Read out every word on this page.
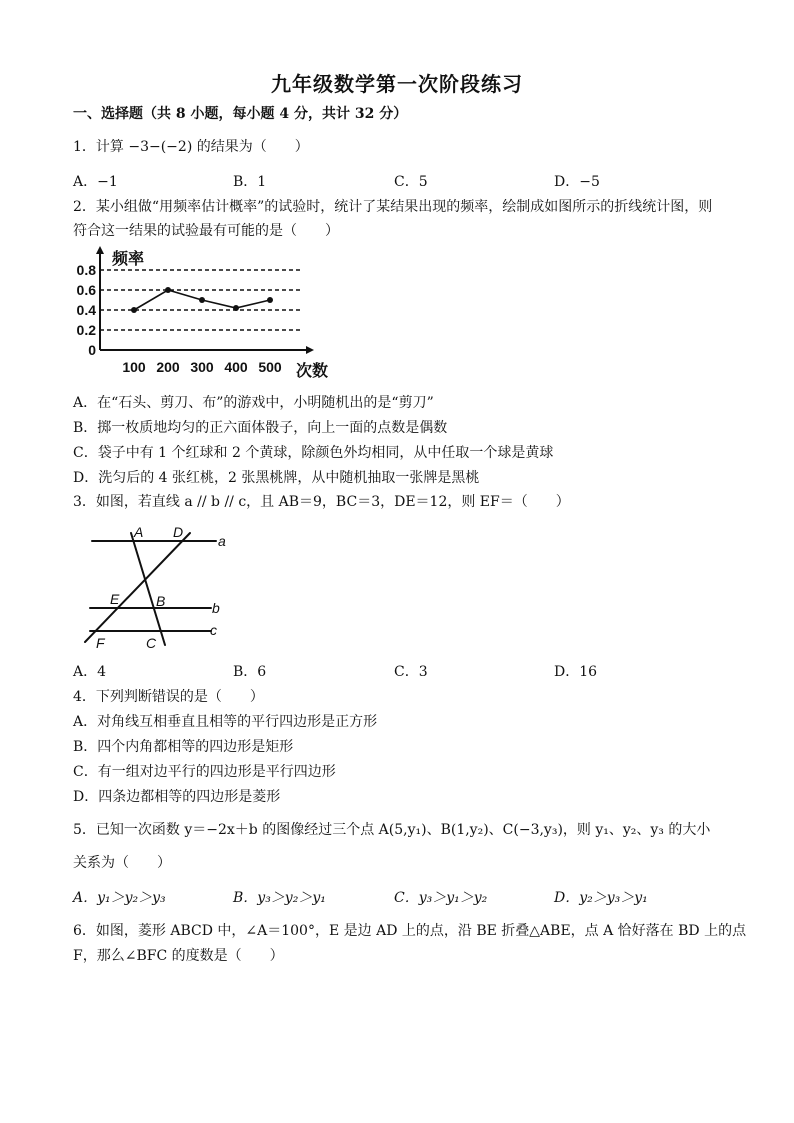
九年级数学第一次阶段练习
一、选择题（共 8 小题，每小题 4 分，共计 32 分）
1．计算 −3−(−2) 的结果为（　　）
A．−1	B．1	C．5	D．−5
2．某小组做“用频率估计概率”的试验时，统计了某结果出现的频率，绘制成如图所示的折线统计图，则
符合这一结果的试验最有可能的是（　　）
0
0.2
0.4
0.6
0.8
100 200 300 400 500
频率
次数
A．在“石头、剪刀、布”的游戏中，小明随机出的是“剪刀”
B．掷一枚质地均匀的正六面体骰子，向上一面的点数是偶数
C．袋子中有 1 个红球和 2 个黄球，除颜色外均相同，从中任取一个球是黄球
D．洗匀后的 4 张红桃，2 张黑桃牌，从中随机抽取一张牌是黑桃
3．如图，若直线 a // b // c，且 AB＝9，BC＝3，DE＝12，则 EF＝（　　）
A D
a
E	B	b
F	C
c
A．4	B．6	C．3	D．16
4．下列判断错误的是（　　）
A．对角线互相垂直且相等的平行四边形是正方形
B．四个内角都相等的四边形是矩形
C．有一组对边平行的四边形是平行四边形
D．四条边都相等的四边形是菱形
5．已知一次函数 y＝−2x＋b 的图像经过三个点 A(5,y₁)、B(1,y₂)、C(−3,y₃)，则 y₁、y₂、y₃ 的大小
关系为（　　）
A．y₁＞y₂＞y₃	B．y₃＞y₂＞y₁	C．y₃＞y₁＞y₂	D．y₂＞y₃＞y₁
6．如图，菱形 ABCD 中，∠A＝100°，E 是边 AD 上的点，沿 BE 折叠△ABE，点 A 恰好落在 BD 上的点
F，那么∠BFC 的度数是（　　）
